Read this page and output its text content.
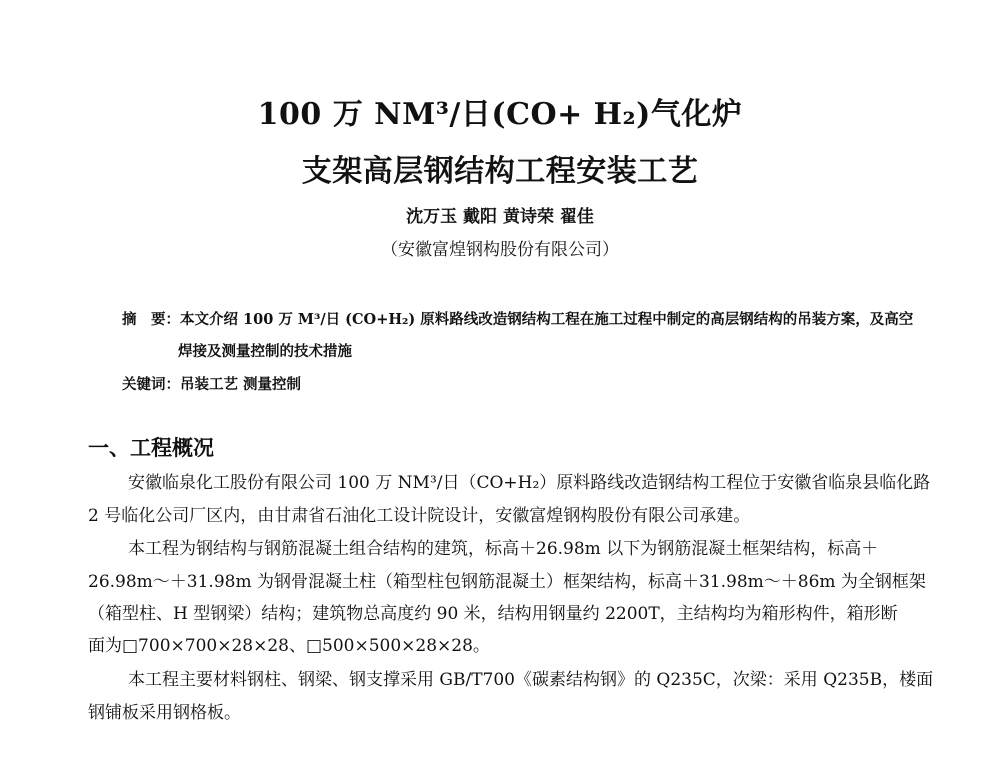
100 万 NM³/日(CO+ H₂)气化炉
支架高层钢结构工程安装工艺
沈万玉 戴阳 黄诗荣 翟佳
（安徽富煌钢构股份有限公司）
摘　要：本文介绍 100 万 M³/日 (CO+H₂) 原料路线改造钢结构工程在施工过程中制定的高层钢结构的吊装方案，及高空
焊接及测量控制的技术措施
关键词：吊装工艺 测量控制
一、工程概况
安徽临泉化工股份有限公司 100 万 NM³/日（CO+H₂）原料路线改造钢结构工程位于安徽省临泉县临化路
2 号临化公司厂区内，由甘肃省石油化工设计院设计，安徽富煌钢构股份有限公司承建。
本工程为钢结构与钢筋混凝土组合结构的建筑，标高＋26.98m 以下为钢筋混凝土框架结构，标高＋
26.98m～＋31.98m 为钢骨混凝土柱（箱型柱包钢筋混凝土）框架结构，标高＋31.98m～＋86m 为全钢框架
（箱型柱、H 型钢梁）结构；建筑物总高度约 90 米，结构用钢量约 2200T，主结构均为箱形构件，箱形断
面为□700×700×28×28、□500×500×28×28。
本工程主要材料钢柱、钢梁、钢支撑采用 GB/T700《碳素结构钢》的 Q235C，次梁：采用 Q235B，楼面
钢铺板采用钢格板。
